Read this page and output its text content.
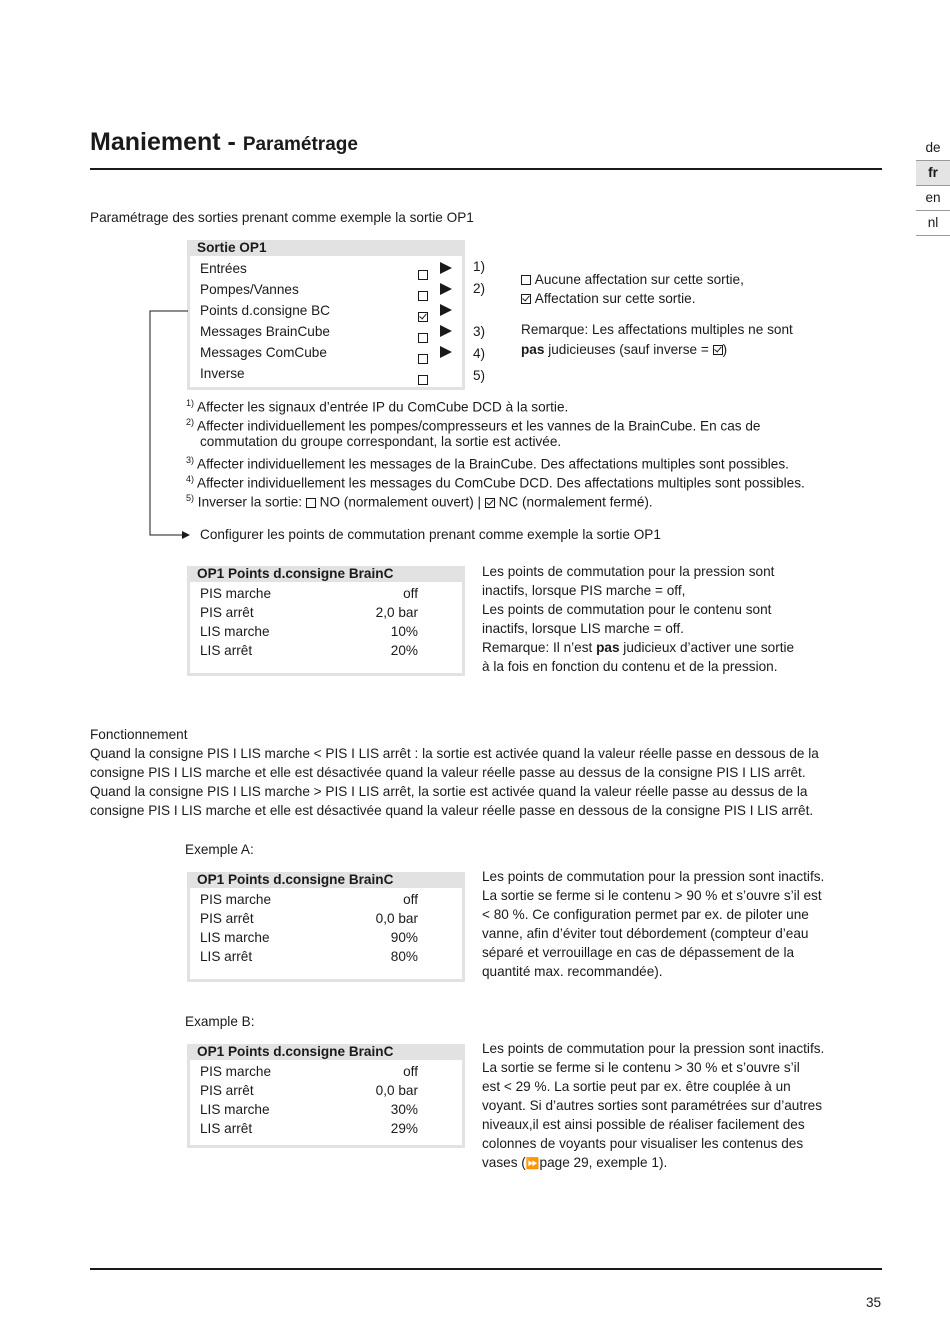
Maniement - Paramétrage	de
fr
en
nl
Paramétrage des sorties prenant comme exemple la sortie OP1
Sortie OP1
Entrées
Pompes/Vannes
Points d.consigne BC
Messages BrainCube
Messages ComCube
Inverse
1)
2)
3)
4)
5)
Aucune affectation sur cette sortie,
Affectation sur cette sortie.
Remarque: Les affectations multiples ne sont
pas judicieuses (sauf inverse = )
$^{1)}$ Affecter les signaux d’entrée IP du ComCube DCD à la sortie.
$^{2)}$ Affecter individuellement les pompes/compresseurs et les vannes de la BrainCube. En cas de
commutation du groupe correspondant, la sortie est activée.
$^{3)}$ Affecter individuellement les messages de la BrainCube. Des affectations multiples sont possibles.
$^{4)}$ Affecter individuellement les messages du ComCube DCD. Des affectations multiples sont possibles.
$^{5)}$ Inverser la sortie:  NO (normalement ouvert) |  NC (normalement fermé).
Configurer les points de commutation prenant comme exemple la sortie OP1
OP1 Points d.consigne BrainC
PIS marche	off
PIS arrêt	2,0 bar
LIS marche	10%
LIS arrêt	20%
Les points de commutation pour la pression sont
inactifs, lorsque PIS marche = off,
Les points de commutation pour le contenu sont
inactifs, lorsque LIS marche = off.
Remarque: Il n’est pas judicieux d’activer une sortie
à la fois en fonction du contenu et de la pression.
Fonctionnement
Quand la consigne PIS I LIS marche < PIS I LIS arrêt : la sortie est activée quand la valeur réelle passe en dessous de la
consigne PIS I LIS marche et elle est désactivée quand la valeur réelle passe au dessus de la consigne PIS I LIS arrêt.
Quand la consigne PIS I LIS marche > PIS I LIS arrêt, la sortie est activée quand la valeur réelle passe au dessus de la
consigne PIS I LIS marche et elle est désactivée quand la valeur réelle passe en dessous de la consigne PIS I LIS arrêt.
Exemple A:
OP1 Points d.consigne BrainC
PIS marche	off
PIS arrêt	0,0 bar
LIS marche	90%
LIS arrêt	80%
Les points de commutation pour la pression sont inactifs.
La sortie se ferme si le contenu > 90 % et s’ouvre s’il est
< 80 %. Ce configuration permet par ex. de piloter une
vanne, afin d’éviter tout débordement (compteur d’eau
séparé et verrouillage en cas de dépassement de la
quantité max. recommandée).
Example B:
OP1 Points d.consigne BrainC
PIS marche	off
PIS arrêt	0,0 bar
LIS marche	30%
LIS arrêt	29%
Les points de commutation pour la pression sont inactifs.
La sortie se ferme si le contenu > 30 % et s’ouvre s’il
est < 29 %. La sortie peut par ex. être couplée à un
voyant. Si d’autres sorties sont paramétrées sur d’autres
niveaux,il est ainsi possible de réaliser facilement des
colonnes de voyants pour visualiser les contenus des
vases (⏩page 29, exemple 1).
35
